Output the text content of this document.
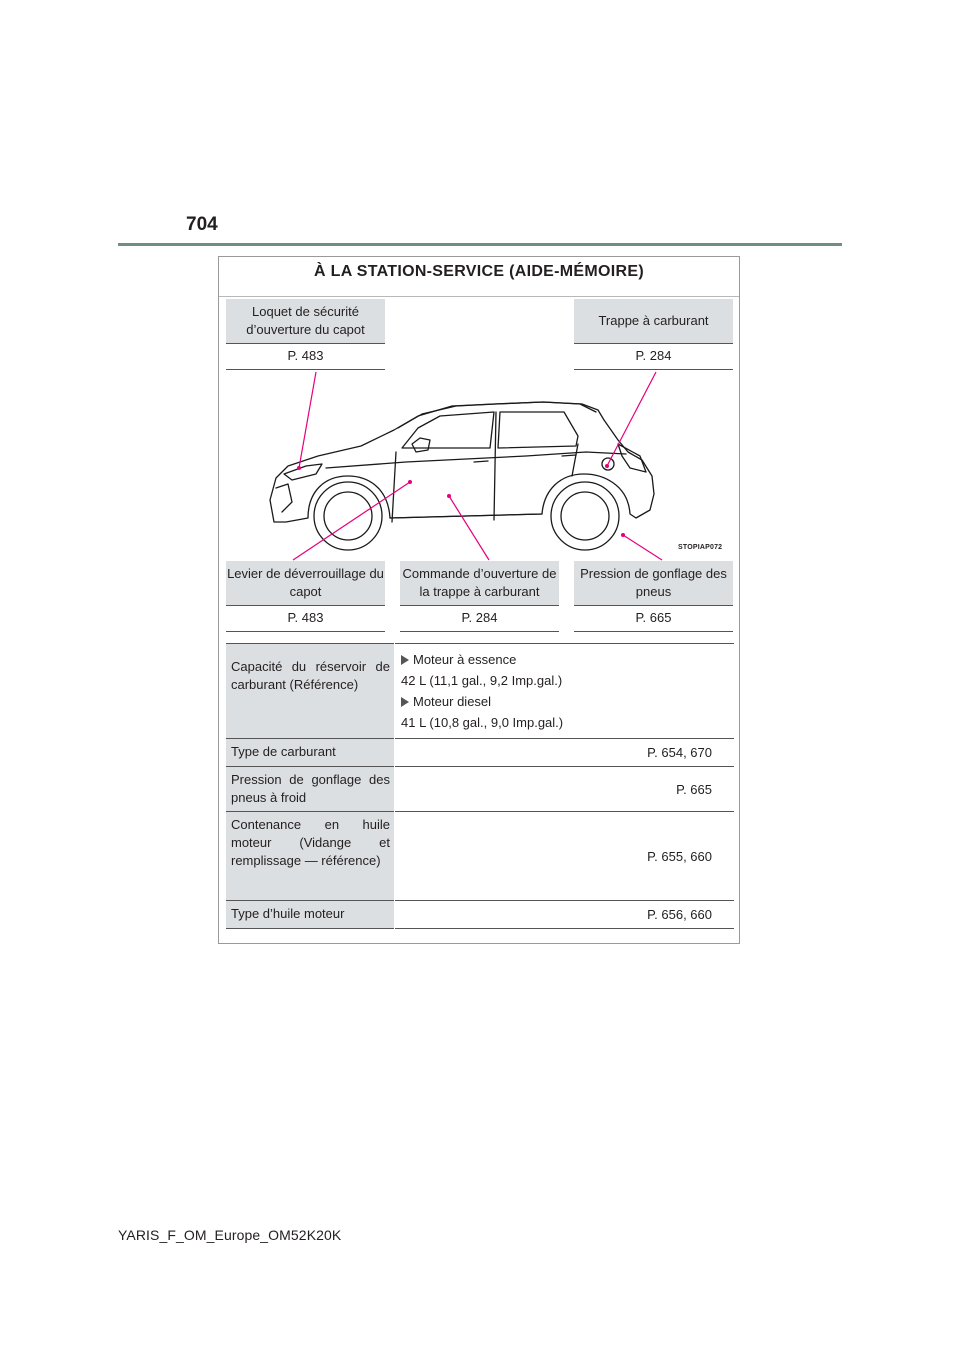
704
À LA STATION-SERVICE (AIDE-MÉMOIRE)
Loquet de sécurité d’ouverture du capot
P. 483
Trappe à carburant
P. 284
STOPIAP072
Levier de déverrouillage du capot
P. 483
Commande d’ouverture de la trappe à carburant
P. 284
Pression de gonflage des pneus
P. 665
Capacité du réservoir de carburant (Référence)	Moteur à essence
42 L (11,1 gal., 9,2 Imp.gal.)
Moteur diesel
41 L (10,8 gal., 9,0 Imp.gal.)

Type de carburant	P. 654, 670
Pression de gonflage des pneus à froid	P. 665
Contenance en huile moteur (Vidange et remplissage — référence)	P. 655, 660
Type d’huile moteur	P. 656, 660
YARIS_F_OM_Europe_OM52K20K
